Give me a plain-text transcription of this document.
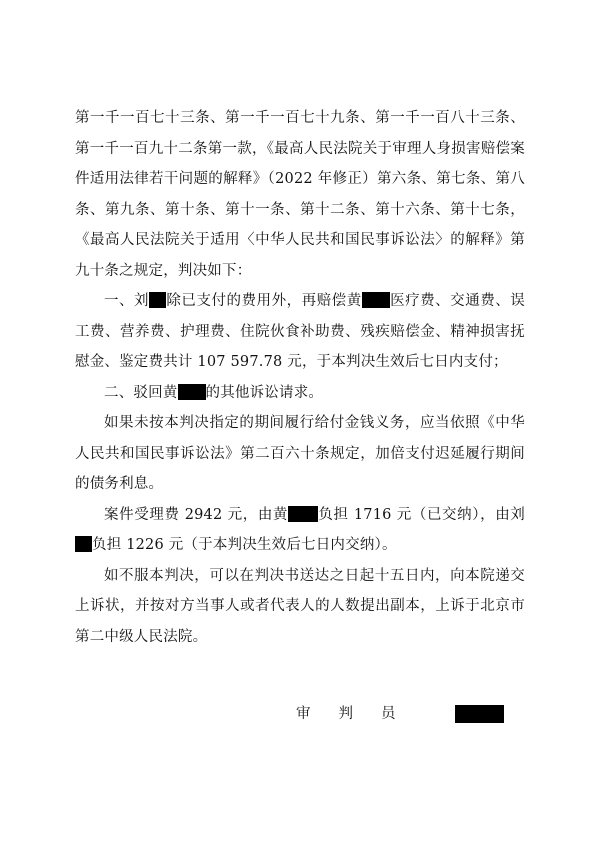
第一千一百七十三条、第一千一百七十九条、第一千一百八十三条、第一千一百九十二条第一款，《最高人民法院关于审理人身损害赔偿案件适用法律若干问题的解释》（2022 年修正）第六条、第七条、第八条、第九条、第十条、第十一条、第十二条、第十六条、第十七条，《最高人民法院关于适用〈中华人民共和国民事诉讼法〉的解释》第九十条之规定，判决如下：

一、刘 除已支付的费用外，再赔偿黄 医疗费、交通费、误工费、营养费、护理费、住院伙食补助费、残疾赔偿金、精神损害抚慰金、鉴定费共计 107 597.78 元，于本判决生效后七日内支付；

二、驳回黄 的其他诉讼请求。

如果未按本判决指定的期间履行给付金钱义务，应当依照《中华人民共和国民事诉讼法》第二百六十条规定，加倍支付迟延履行期间的债务利息。

案件受理费 2942 元，由黄 负担 1716 元（已交纳），由刘负担 1226 元（于本判决生效后七日内交纳）。

如不服本判决，可以在判决书送达之日起十五日内，向本院递交上诉状，并按对方当事人或者代表人的人数提出副本，上诉于北京市第二中级人民法院。

审判员
